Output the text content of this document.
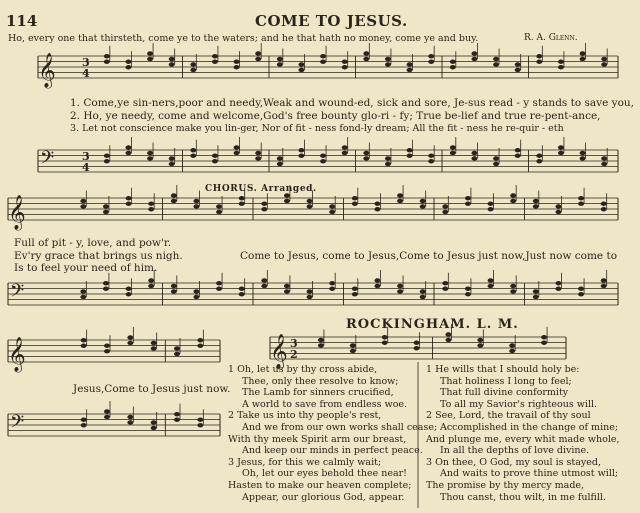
𝄞 3
4
𝄢	3
4
𝄞
𝄢
𝄞
𝄢
𝄞 3
2
114	COME TO JESUS.
Ho, every one that thirsteth, come ye to the waters; and he that hath no money, come ye and buy.	R. A. Glenn.
1. Come,ye sin-ners,poor and needy,Weak and wound-ed, sick and sore, Je-sus read - y stands to save you,
2. Ho, ye needy, come and welcome,God's free bounty glo-ri - fy; True be-lief and true re-pent-ance,
3. Let not conscience make you lin-ger, Nor of fit - ness fond-ly dream; All the fit - ness he re-quir - eth
CHORUS. Arranged.
Full of pit - y, love, and pow'r.
Ev'ry grace that brings us nigh.
Is to feel your need of him.
Come to Jesus, come to Jesus,Come to Jesus just now,Just now come to
Jesus,Come to Jesus just now.
ROCKINGHAM. L. M.
1 Oh, let us by thy cross abide,
Thee, only thee resolve to know;
The Lamb for sinners crucified,
A world to save from endless woe.
2 Take us into thy people's rest,
And we from our own works shall cease;
With thy meek Spirit arm our breast,
And keep our minds in perfect peace.
3 Jesus, for this we calmly wait;
Oh, let our eyes behold thee near!
Hasten to make our heaven complete;
Appear, our glorious God, appear.
1 He wills that I should holy be:
That holiness I long to feel;
That full divine conformity
To all my Savior's righteous will.
2 See, Lord, the travail of thy soul
Accomplished in the change of mine;
And plunge me, every whit made whole,
In all the depths of love divine.
3 On thee, O God, my soul is stayed,
And waits to prove thine utmost will;
The promise by thy mercy made,
Thou canst, thou wilt, in me fulfill.
